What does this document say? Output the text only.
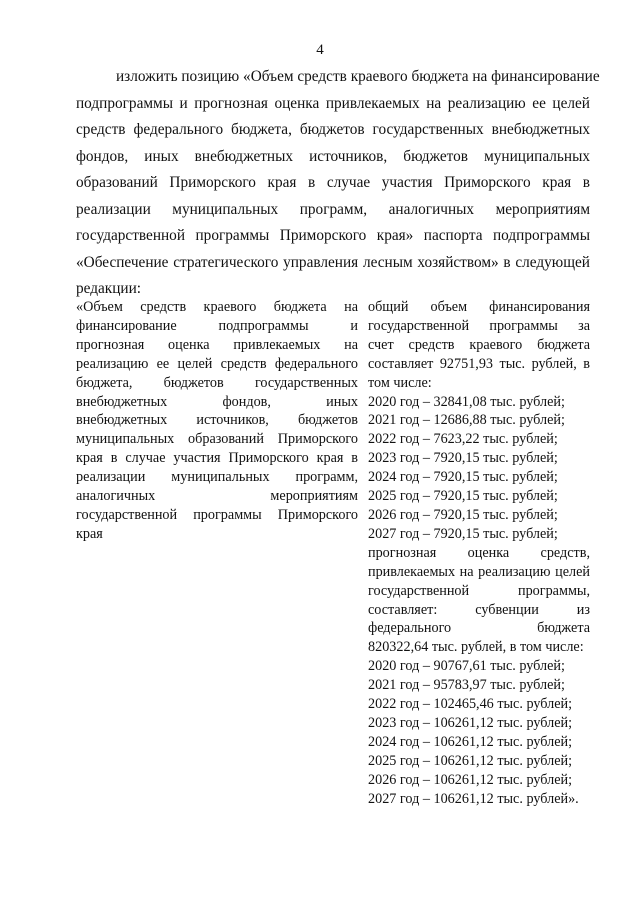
4
изложить позицию «Объем средств краевого бюджета на финансирование
подпрограммы и прогнозная оценка привлекаемых на реализацию ее целей
средств федерального бюджета, бюджетов государственных внебюджетных
фондов, иных внебюджетных источников, бюджетов муниципальных
образований Приморского края в случае участия Приморского края в
реализации муниципальных программ, аналогичных мероприятиям
государственной программы Приморского края» паспорта подпрограммы
«Обеспечение стратегического управления лесным хозяйством» в следующей
редакции:
«Объем средств краевого бюджета на
финансирование подпрограммы и
прогнозная оценка привлекаемых на
реализацию ее целей средств федерального
бюджета, бюджетов государственных
внебюджетных фондов, иных
внебюджетных источников, бюджетов
муниципальных образований Приморского
края в случае участия Приморского края в
реализации муниципальных программ,
аналогичных мероприятиям
государственной программы Приморского
края
общий объем финансирования
государственной программы за
счет средств краевого бюджета
составляет 92751,93 тыс. рублей, в
том числе:
2020 год – 32841,08 тыс. рублей;
2021 год – 12686,88 тыс. рублей;
2022 год – 7623,22 тыс. рублей;
2023 год – 7920,15 тыс. рублей;
2024 год – 7920,15 тыс. рублей;
2025 год – 7920,15 тыс. рублей;
2026 год – 7920,15 тыс. рублей;
2027 год – 7920,15 тыс. рублей;
прогнозная оценка средств,
привлекаемых на реализацию целей
государственной программы,
составляет: субвенции из
федерального бюджета
820322,64 тыс. рублей, в том числе:
2020 год – 90767,61 тыс. рублей;
2021 год – 95783,97 тыс. рублей;
2022 год – 102465,46 тыс. рублей;
2023 год – 106261,12 тыс. рублей;
2024 год – 106261,12 тыс. рублей;
2025 год – 106261,12 тыс. рублей;
2026 год – 106261,12 тыс. рублей;
2027 год – 106261,12 тыс. рублей».
